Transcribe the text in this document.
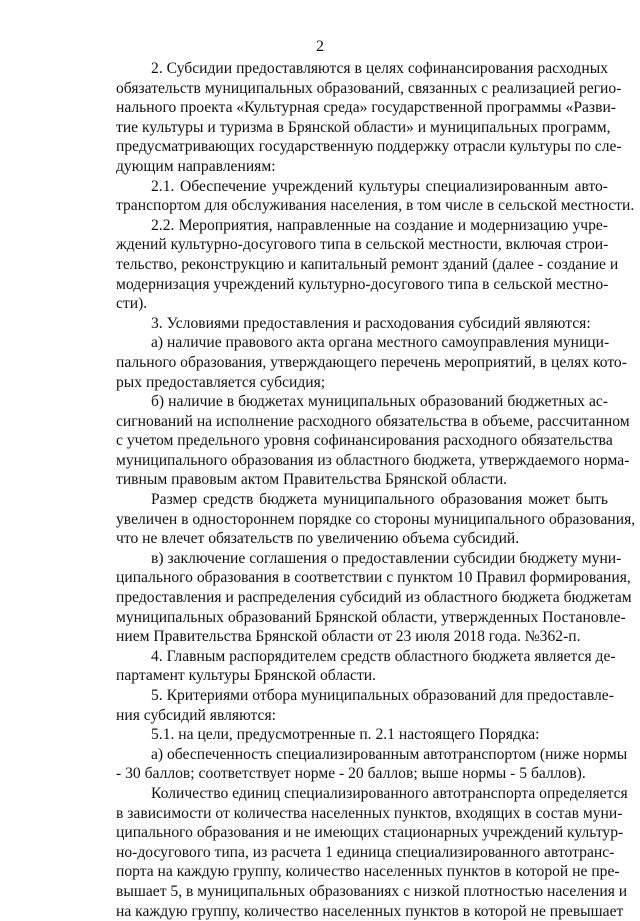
2
2. Субсидии предоставляются в целях софинансирования расходных
обязательств муниципальных образований, связанных с реализацией регио-
нального проекта «Культурная среда» государственной программы «Разви-
тие культуры и туризма в Брянской области» и муниципальных программ,
предусматривающих государственную поддержку отрасли культуры по сле-
дующим направлениям:
2.1. Обеспечение учреждений культуры специализированным авто-
транспортом для обслуживания населения, в том числе в сельской местности.
2.2. Мероприятия, направленные на создание и модернизацию учре-
ждений культурно-досугового типа в сельской местности, включая строи-
тельство, реконструкцию и капитальный ремонт зданий (далее - создание и
модернизация учреждений культурно-досугового типа в сельской местно-
сти).
3. Условиями предоставления и расходования субсидий являются:
а) наличие правового акта органа местного самоуправления муници-
пального образования, утверждающего перечень мероприятий, в целях кото-
рых предоставляется субсидия;
б) наличие в бюджетах муниципальных образований бюджетных ас-
сигнований на исполнение расходного обязательства в объеме, рассчитанном
с учетом предельного уровня софинансирования расходного обязательства
муниципального образования из областного бюджета, утверждаемого норма-
тивным правовым актом Правительства Брянской области.
Размер средств бюджета муниципального образования может быть
увеличен в одностороннем порядке со стороны муниципального образования,
что не влечет обязательств по увеличению объема субсидий.
в) заключение соглашения о предоставлении субсидии бюджету муни-
ципального образования в соответствии с пунктом 10 Правил формирования,
предоставления и распределения субсидий из областного бюджета бюджетам
муниципальных образований Брянской области, утвержденных Постановле-
нием Правительства Брянской области от 23 июля 2018 года. №362-п.
4. Главным распорядителем средств областного бюджета является де-
партамент культуры Брянской области.
5. Критериями отбора муниципальных образований для предоставле-
ния субсидий являются:
5.1. на цели, предусмотренные п. 2.1 настоящего Порядка:
а) обеспеченность специализированным автотранспортом (ниже нормы
- 30 баллов; соответствует норме - 20 баллов; выше нормы - 5 баллов).
Количество единиц специализированного автотранспорта определяется
в зависимости от количества населенных пунктов, входящих в состав муни-
ципального образования и не имеющих стационарных учреждений культур-
но-досугового типа, из расчета 1 единица специализированного автотранс-
порта на каждую группу, количество населенных пунктов в которой не пре-
вышает 5, в муниципальных образованиях с низкой плотностью населения и
на каждую группу, количество населенных пунктов в которой не превышает
